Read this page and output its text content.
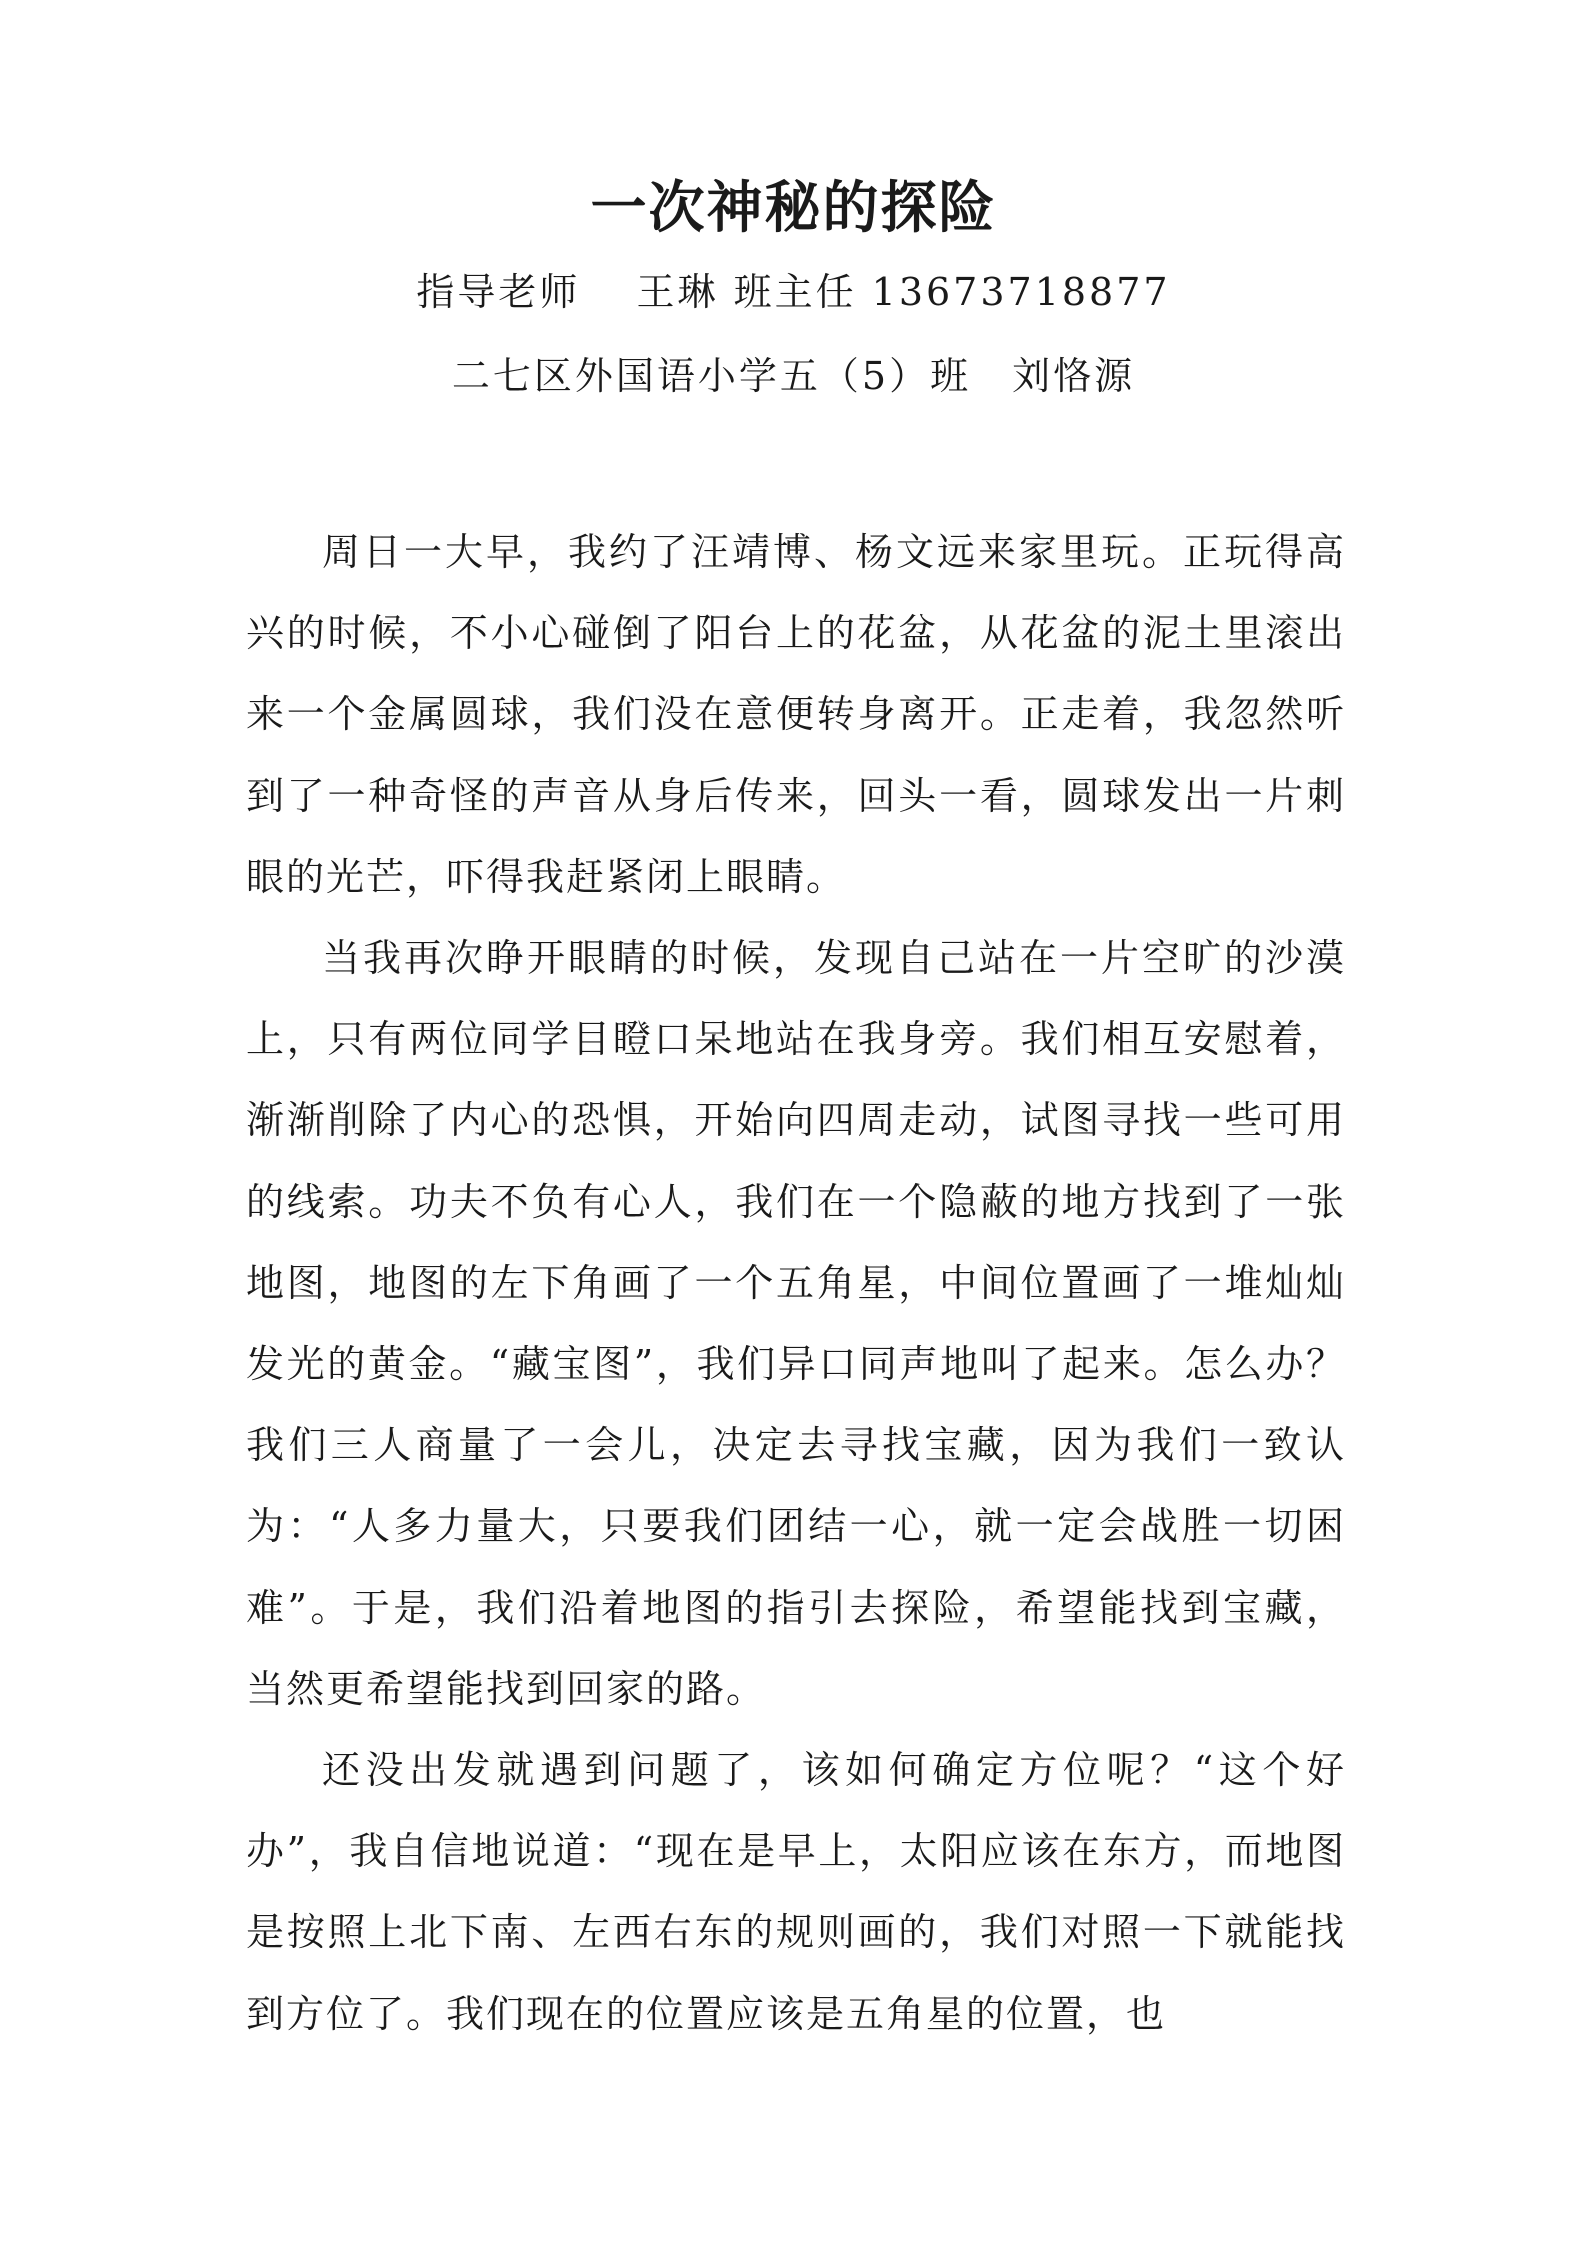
一次神秘的探险
指导老师　 王琳 班主任 13673718877
二七区外国语小学五（5）班　刘恪源

周日一大早，我约了汪靖博、杨文远来家里玩。正玩得高兴的时候，不小心碰倒了阳台上的花盆，从花盆的泥土里滚出来一个金属圆球，我们没在意便转身离开。正走着，我忽然听到了一种奇怪的声音从身后传来，回头一看，圆球发出一片刺眼的光芒，吓得我赶紧闭上眼睛。

当我再次睁开眼睛的时候，发现自己站在一片空旷的沙漠上，只有两位同学目瞪口呆地站在我身旁。我们相互安慰着，渐渐削除了内心的恐惧，开始向四周走动，试图寻找一些可用的线索。功夫不负有心人，我们在一个隐蔽的地方找到了一张地图，地图的左下角画了一个五角星，中间位置画了一堆灿灿发光的黄金。“藏宝图”，我们异口同声地叫了起来。怎么办？我们三人商量了一会儿，决定去寻找宝藏，因为我们一致认为：“人多力量大，只要我们团结一心，就一定会战胜一切困难”。于是，我们沿着地图的指引去探险，希望能找到宝藏，当然更希望能找到回家的路。

还没出发就遇到问题了，该如何确定方位呢？“这个好办”，我自信地说道：“现在是早上，太阳应该在东方，而地图是按照上北下南、左西右东的规则画的，我们对照一下就能找到方位了。我们现在的位置应该是五角星的位置，也
